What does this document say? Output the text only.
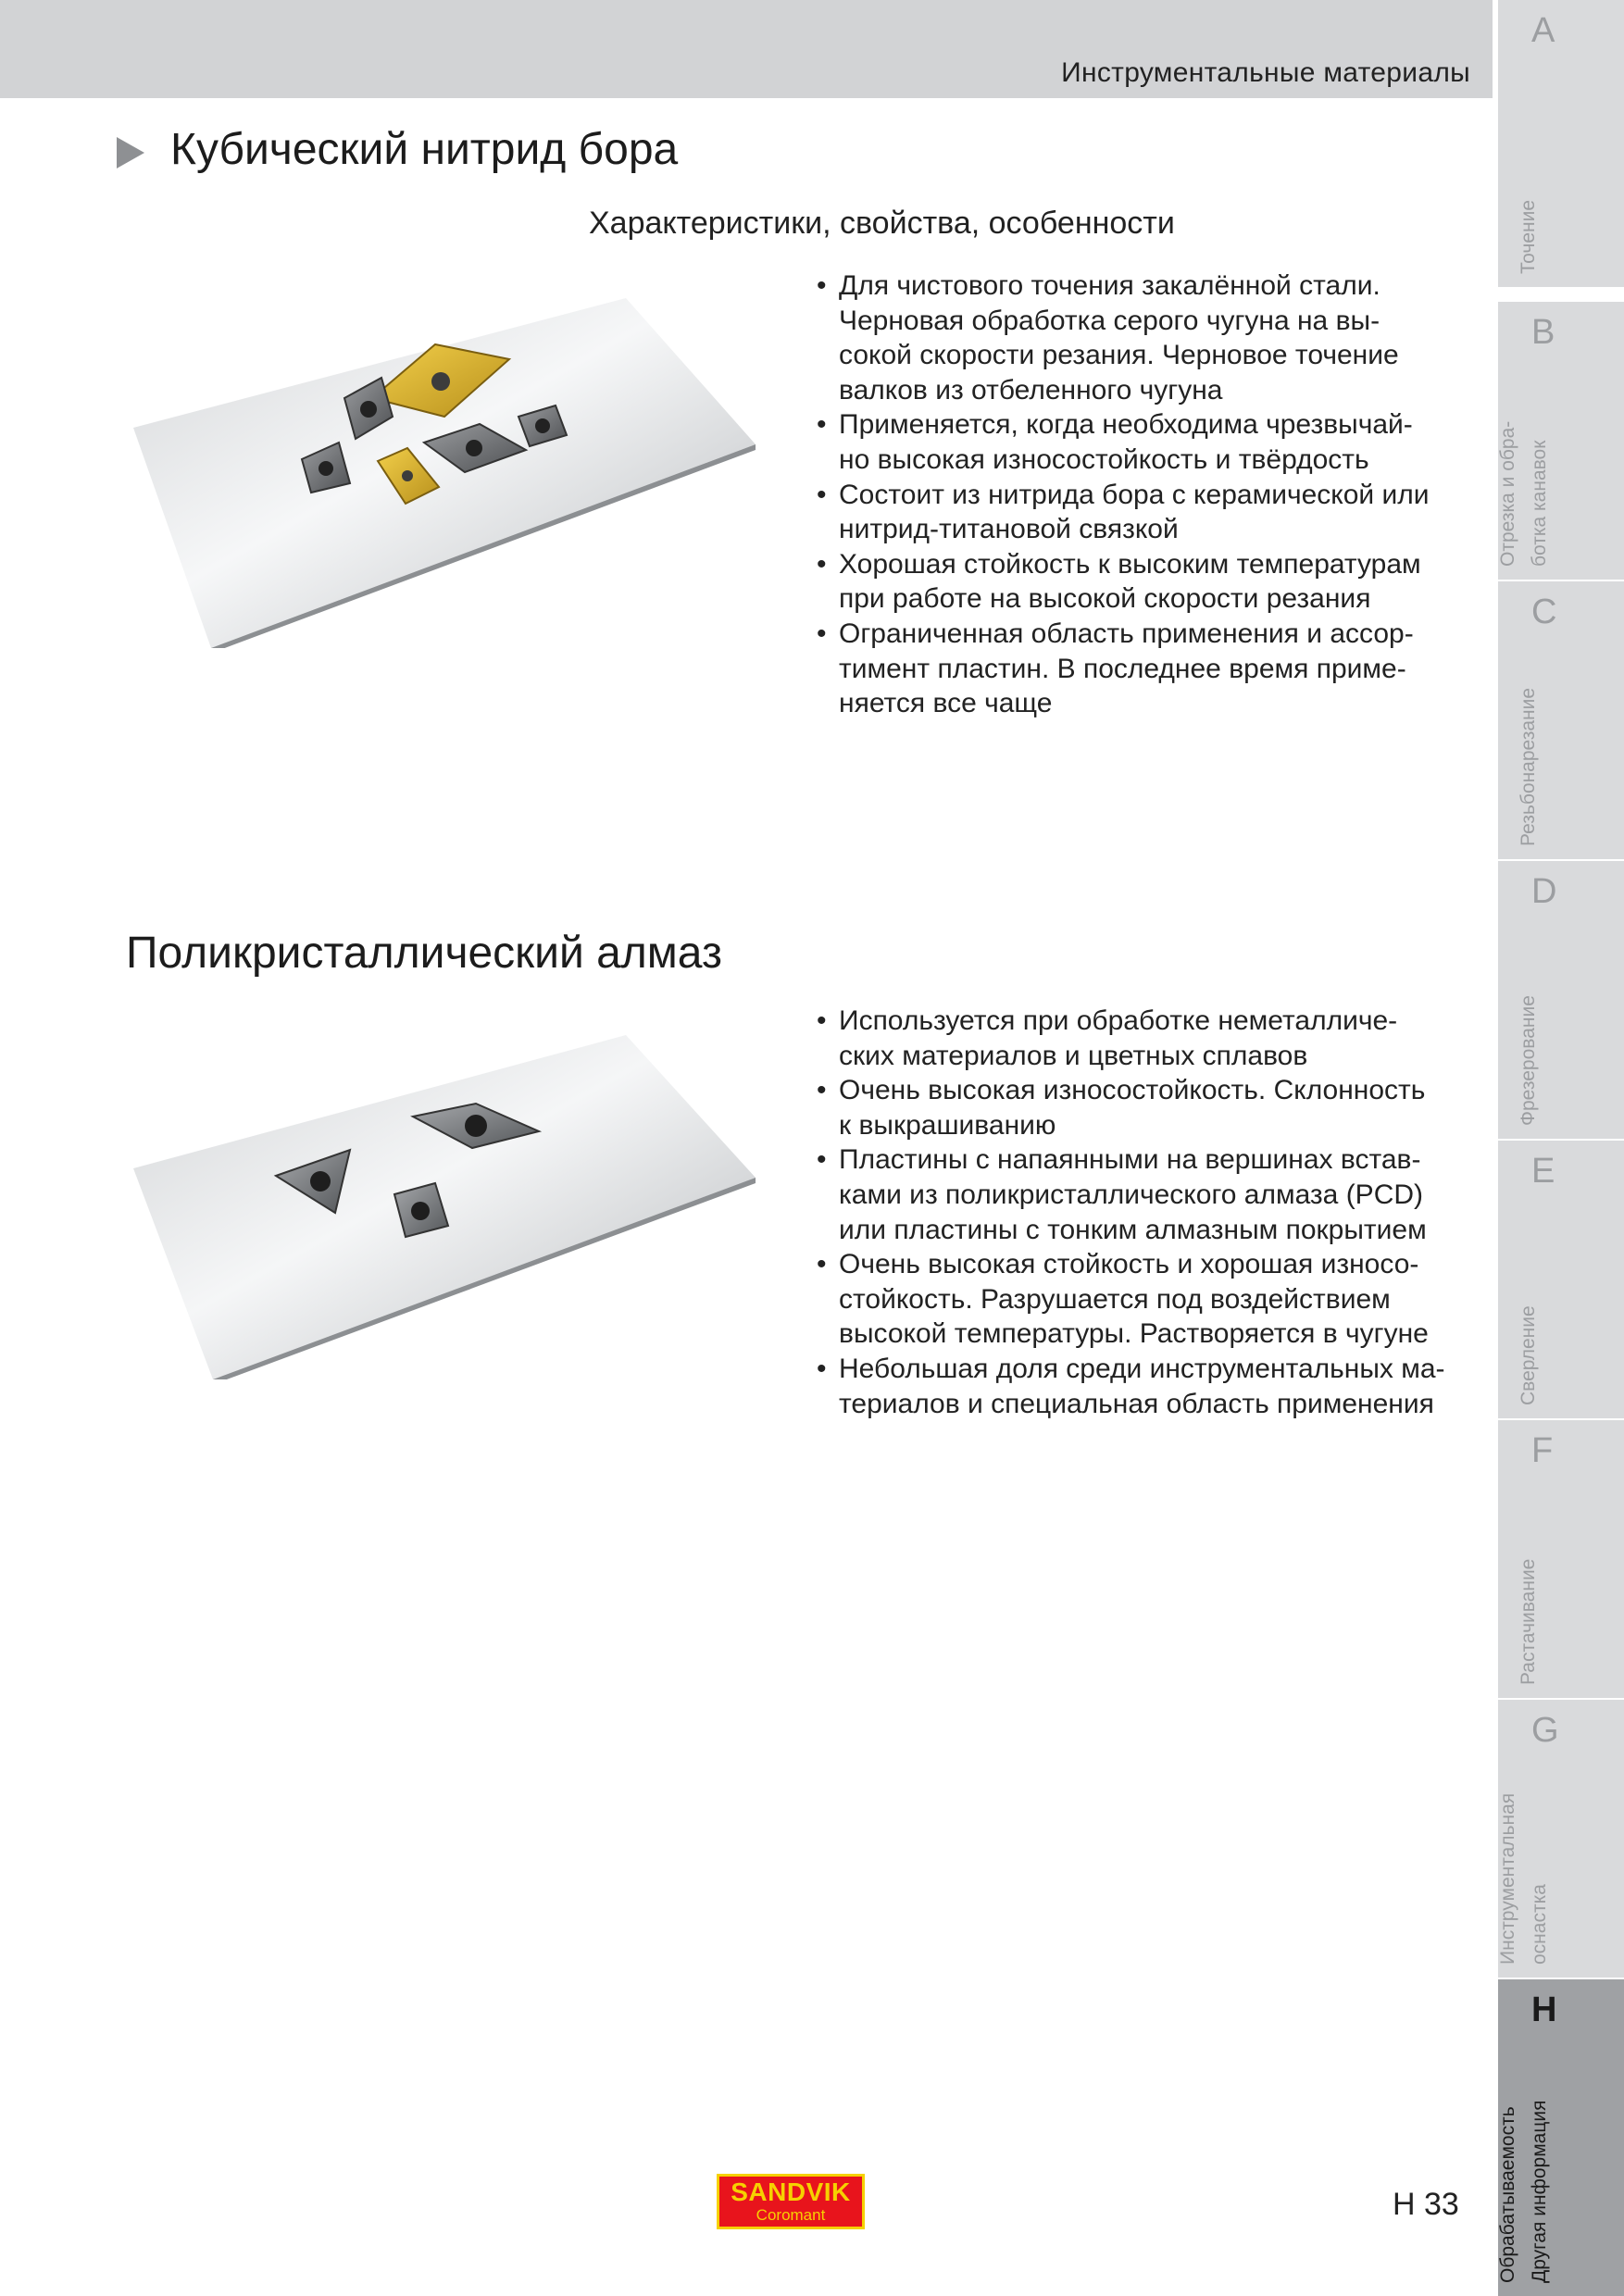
Инструментальные материалы
A
Точение
B
Отрезка и обра- ботка канавок
C
Резьбонарезание
D
Фрезерование
E
Сверление
F
Растачивание
G
Инструментальная оснастка
H
Обрабатываемость Другая информация
Кубический нитрид бора
Характеристики, свойства, особенности
• Для чистового точения закалённой стали.
Черновая обработка серого чугуна на вы-
сокой скорости резания. Черновое точение
валков из отбеленного чугуна
• Применяется, когда необходима чрезвычай-
но высокая износостойкость и твёрдость
• Состоит из нитрида бора с керамической или
нитрид-титановой связкой
• Хорошая стойкость к высоким температурам
при работе на высокой скорости резания
• Ограниченная область применения и ассор-
тимент пластин. В последнее время приме-
няется все чаще
Поликристаллический алмаз
• Используется при обработке неметалличе-
ских материалов и цветных сплавов
• Очень высокая износостойкость. Склонность
к выкрашиванию
• Пластины с напаянными на вершинах встав-
ками из поликристаллического алмаза (PCD)
или пластины с тонким алмазным покрытием
• Очень высокая стойкость и хорошая износо-
стойкость. Разрушается под воздействием
высокой температуры. Растворяется в чугуне
• Небольшая доля среди инструментальных ма-
териалов и специальная область применения
SANDVIK
Coromant	H 33
